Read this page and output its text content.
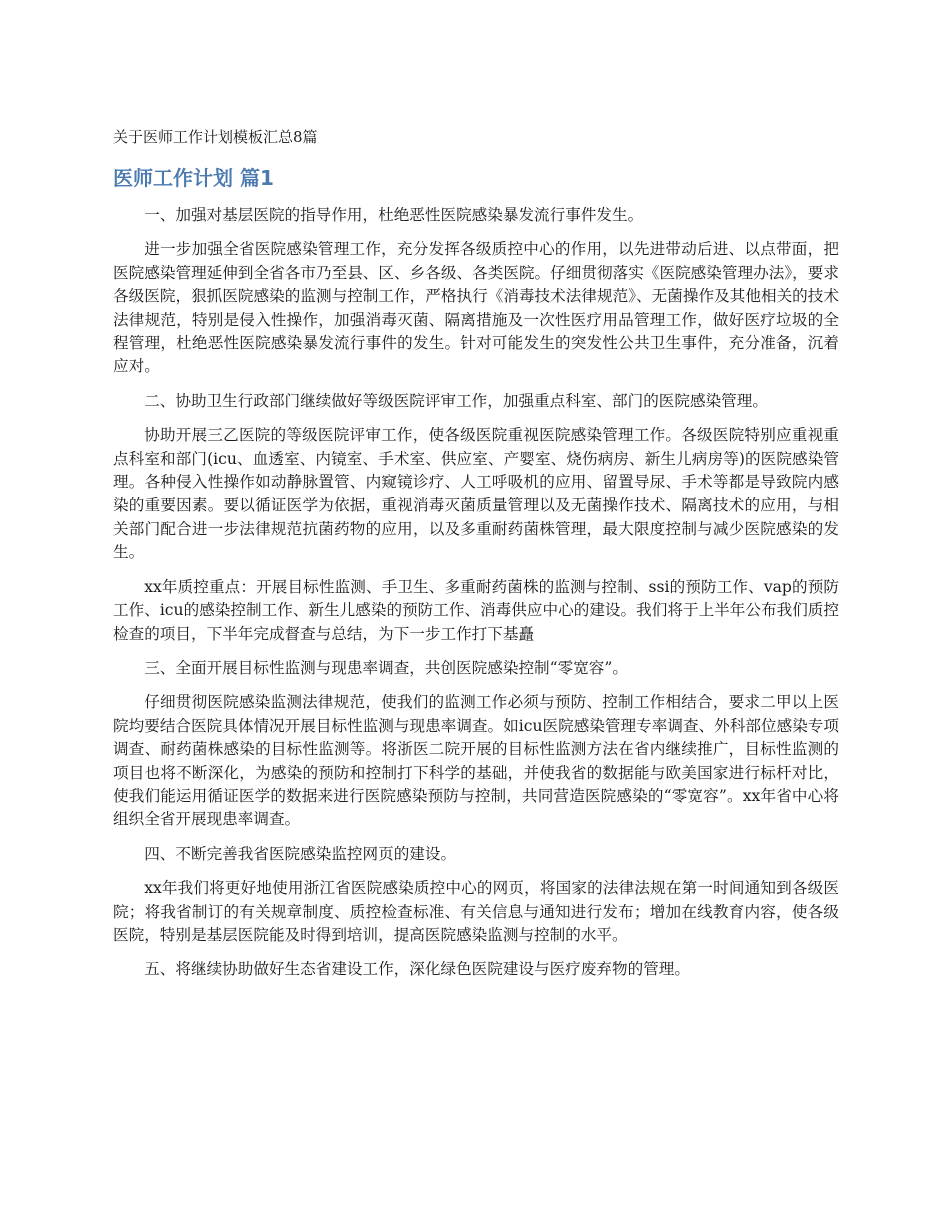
关于医师工作计划模板汇总8篇
医师工作计划 篇1

一、加强对基层医院的指导作用，杜绝恶性医院感染暴发流行事件发生。

进一步加强全省医院感染管理工作，充分发挥各级质控中心的作用，以先进带动后进、以点带面，把医院感染管理延伸到全省各市乃至县、区、乡各级、各类医院。仔细贯彻落实《医院感染管理办法》，要求各级医院，狠抓医院感染的监测与控制工作，严格执行《消毒技术法律规范》、无菌操作及其他相关的技术法律规范，特别是侵入性操作，加强消毒灭菌、隔离措施及一次性医疗用品管理工作，做好医疗垃圾的全程管理，杜绝恶性医院感染暴发流行事件的发生。针对可能发生的突发性公共卫生事件，充分准备，沉着应对。

二、协助卫生行政部门继续做好等级医院评审工作，加强重点科室、部门的医院感染管理。

协助开展三乙医院的等级医院评审工作，使各级医院重视医院感染管理工作。各级医院特别应重视重点科室和部门(icu、血透室、内镜室、手术室、供应室、产婴室、烧伤病房、新生儿病房等)的医院感染管理。各种侵入性操作如动静脉置管、内窥镜诊疗、人工呼吸机的应用、留置导尿、手术等都是导致院内感染的重要因素。要以循证医学为依据，重视消毒灭菌质量管理以及无菌操作技术、隔离技术的应用，与相关部门配合进一步法律规范抗菌药物的应用，以及多重耐药菌株管理，最大限度控制与减少医院感染的发生。

xx年质控重点：开展目标性监测、手卫生、多重耐药菌株的监测与控制、ssi的预防工作、vap的预防工作、icu的感染控制工作、新生儿感染的预防工作、消毒供应中心的建设。我们将于上半年公布我们质控检查的项目，下半年完成督查与总结，为下一步工作打下基矗

三、全面开展目标性监测与现患率调查，共创医院感染控制“零宽容”。

仔细贯彻医院感染监测法律规范，使我们的监测工作必须与预防、控制工作相结合，要求二甲以上医院均要结合医院具体情况开展目标性监测与现患率调查。如icu医院感染管理专率调查、外科部位感染专项调查、耐药菌株感染的目标性监测等。将浙医二院开展的目标性监测方法在省内继续推广，目标性监测的项目也将不断深化，为感染的预防和控制打下科学的基础，并使我省的数据能与欧美国家进行标杆对比，使我们能运用循证医学的数据来进行医院感染预防与控制，共同营造医院感染的“零宽容”。xx年省中心将组织全省开展现患率调查。

四、不断完善我省医院感染监控网页的建设。

xx年我们将更好地使用浙江省医院感染质控中心的网页，将国家的法律法规在第一时间通知到各级医院；将我省制订的有关规章制度、质控检查标准、有关信息与通知进行发布；增加在线教育内容，使各级医院，特别是基层医院能及时得到培训，提高医院感染监测与控制的水平。

五、将继续协助做好生态省建设工作，深化绿色医院建设与医疗废弃物的管理。
